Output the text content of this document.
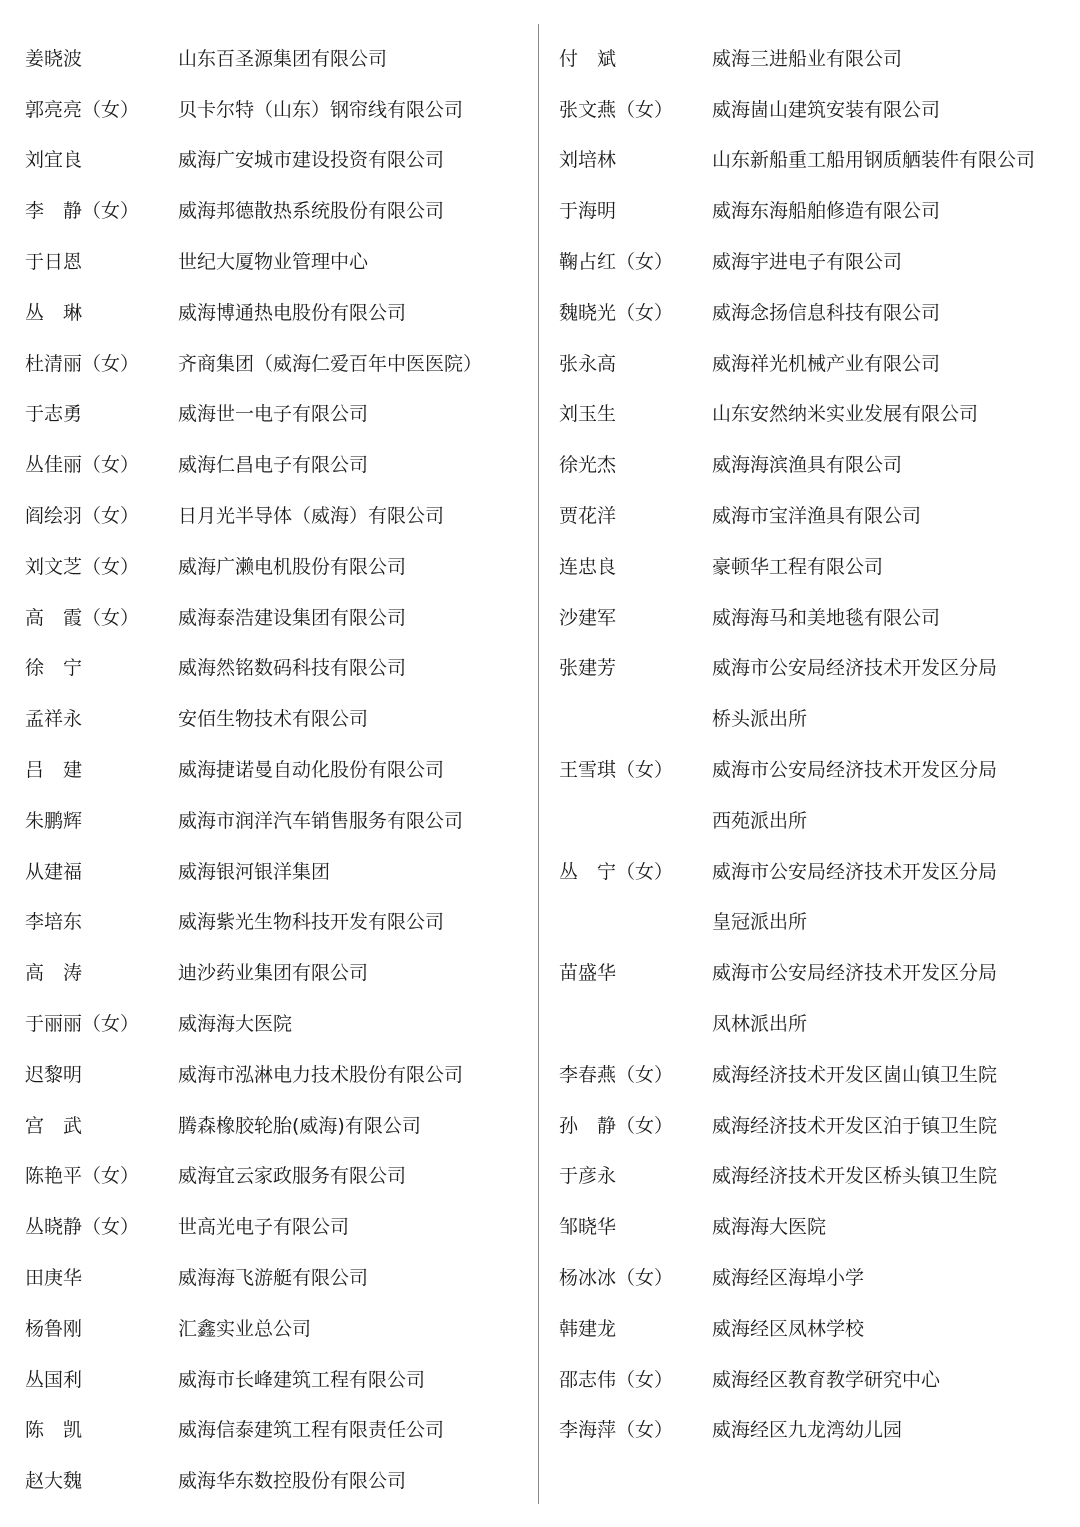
姜晓波	山东百圣源集团有限公司
郭亮亮（女）	贝卡尔特（山东）钢帘线有限公司
刘宜良	威海广安城市建设投资有限公司
李　静（女）	威海邦德散热系统股份有限公司
于日恩	世纪大厦物业管理中心
丛　琳	威海博通热电股份有限公司
杜清丽（女）	齐商集团（威海仁爱百年中医医院）
于志勇	威海世一电子有限公司
丛佳丽（女）	威海仁昌电子有限公司
阎绘羽（女）	日月光半导体（威海）有限公司
刘文芝（女）	威海广濑电机股份有限公司
高　霞（女）	威海泰浩建设集团有限公司
徐　宁	威海然铭数码科技有限公司
孟祥永	安佰生物技术有限公司
吕　建	威海捷诺曼自动化股份有限公司
朱鹏辉	威海市润洋汽车销售服务有限公司
从建福	威海银河银洋集团
李培东	威海紫光生物科技开发有限公司
高　涛	迪沙药业集团有限公司
于丽丽（女）	威海海大医院
迟黎明	威海市泓淋电力技术股份有限公司
宫　武	腾森橡胶轮胎(威海)有限公司
陈艳平（女）	威海宜云家政服务有限公司
丛晓静（女）	世高光电子有限公司
田庚华	威海海飞游艇有限公司
杨鲁刚	汇鑫实业总公司
丛国利	威海市长峰建筑工程有限公司
陈　凯	威海信泰建筑工程有限责任公司
赵大魏	威海华东数控股份有限公司
付　斌	威海三进船业有限公司
张文燕（女）	威海崮山建筑安装有限公司
刘培林	山东新船重工船用钢质舾装件有限公司
于海明	威海东海船舶修造有限公司
鞠占红（女）	威海宇进电子有限公司
魏晓光（女）	威海念扬信息科技有限公司
张永高	威海祥光机械产业有限公司
刘玉生	山东安然纳米实业发展有限公司
徐光杰	威海海滨渔具有限公司
贾花洋	威海市宝洋渔具有限公司
连忠良	豪顿华工程有限公司
沙建军	威海海马和美地毯有限公司
张建芳	威海市公安局经济技术开发区分局
桥头派出所
王雪琪（女）	威海市公安局经济技术开发区分局
西苑派出所
丛　宁（女）	威海市公安局经济技术开发区分局
皇冠派出所
苗盛华	威海市公安局经济技术开发区分局
凤林派出所
李春燕（女）	威海经济技术开发区崮山镇卫生院
孙　静（女）	威海经济技术开发区泊于镇卫生院
于彦永	威海经济技术开发区桥头镇卫生院
邹晓华	威海海大医院
杨冰冰（女）	威海经区海埠小学
韩建龙	威海经区凤林学校
邵志伟（女）	威海经区教育教学研究中心
李海萍（女）	威海经区九龙湾幼儿园
